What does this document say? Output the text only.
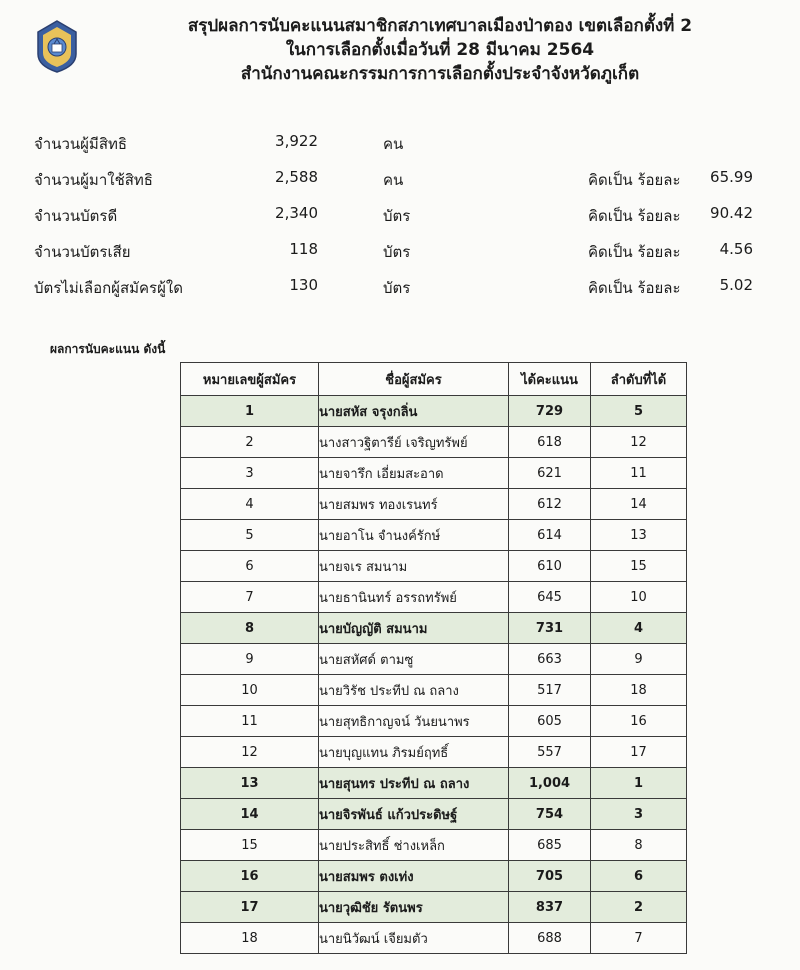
สรุปผลการนับคะแนนสมาชิกสภาเทศบาลเมืองป่าตอง เขตเลือกตั้งที่ 2
ในการเลือกตั้งเมื่อวันที่ 28 มีนาคม 2564
สำนักงานคณะกรรมการการเลือกตั้งประจำจังหวัดภูเก็ต
จำนวนผู้มีสิทธิ	3,922	คน
จำนวนผู้มาใช้สิทธิ	2,588	คน	คิดเป็น ร้อยละ	65.99
จำนวนบัตรดี	2,340	บัตร	คิดเป็น ร้อยละ	90.42
จำนวนบัตรเสีย	118	บัตร	คิดเป็น ร้อยละ	4.56
บัตรไม่เลือกผู้สมัครผู้ใด	130	บัตร	คิดเป็น ร้อยละ	5.02
ผลการนับคะแนน ดังนี้
หมายเลขผู้สมัคร	ชื่อผู้สมัคร	ได้คะแนน	ลำดับที่ได้
1	นายสหัส จรุงกลิ่น	729	5
2	นางสาวฐิตารีย์ เจริญทรัพย์	618	12
3	นายจารึก เอี่ยมสะอาด	621	11
4	นายสมพร ทองเรนทร์	612	14
5	นายอาโน จำนงค์รักษ์	614	13
6	นายจเร สมนาม	610	15
7	นายธานินทร์ อรรถทรัพย์	645	10
8	นายบัญญัติ สมนาม	731	4
9	นายสหัศด์ ตามซู	663	9
10	นายวิรัช ประทีป ณ ถลาง	517	18
11	นายสุทธิกาญจน์ วันยนาพร	605	16
12	นายบุญแทน ภิรมย์ฤทธิ์	557	17
13	นายสุนทร ประทีป ณ ถลาง	1,004	1
14	นายจิรพันธ์ แก้วประดิษฐ์	754	3
15	นายประสิทธิ์ ช่างเหล็ก	685	8
16	นายสมพร ตงเท่ง	705	6
17	นายวุฒิชัย รัตนพร	837	2
18	นายนิวัฒน์ เจียมตัว	688	7
